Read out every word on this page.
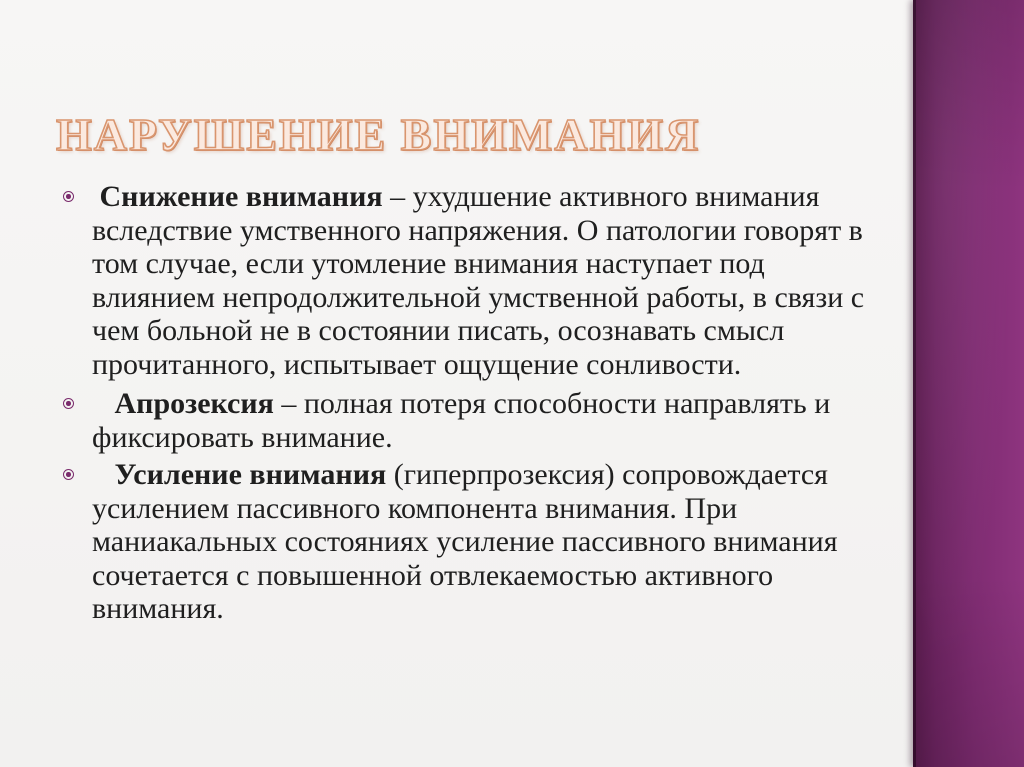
НАРУШЕНИЕ ВНИМАНИЯ
Снижение внимания – ухудшение активного внимания вследствие умственного напряжения. О патологии говорят в том случае, если утомление внимания наступает под влиянием непродолжительной умственной работы, в связи с чем больной не в состоянии писать, осознавать смысл прочитанного, испытывает ощущение сонливости.
Апрозексия – полная потеря способности направлять и фиксировать внимание.
Усиление внимания (гиперпрозексия) сопровождается усилением пассивного компонента внимания. При маниакальных состояниях усиление пассивного внимания сочетается с повышенной отвлекаемостью активного внимания.
